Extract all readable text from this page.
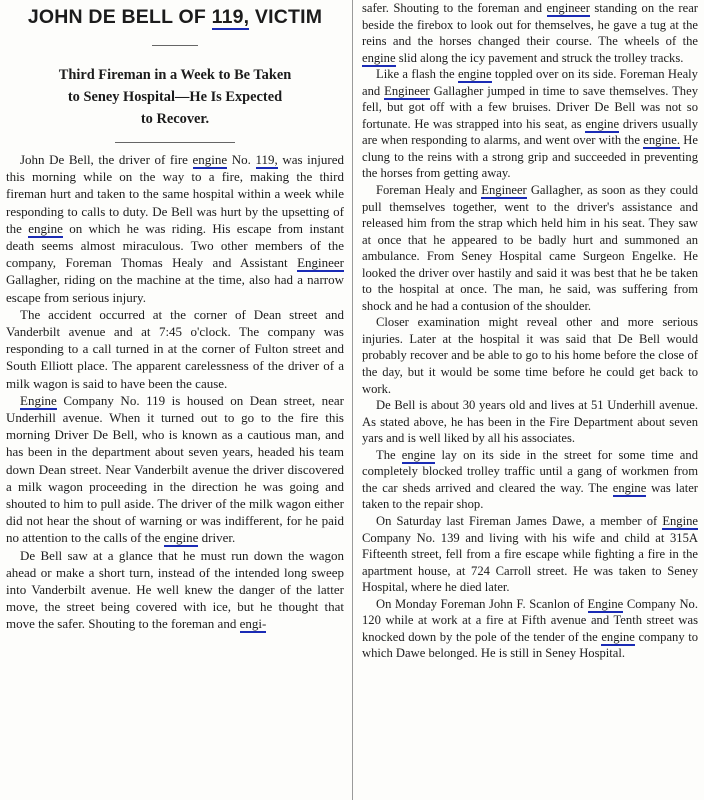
JOHN DE BELL OF 119, VICTIM
Third Fireman in a Week to Be Taken
to Seney Hospital—He Is Expected
to Recover.

John De Bell, the driver of fire engine No. 119, was injured this morning while on the way to a fire, making the third fireman hurt and taken to the same hospital within a week while responding to calls to duty. De Bell was hurt by the upsetting of the engine on which he was riding. His escape from instant death seems almost miraculous. Two other members of the company, Foreman Thomas Healy and Assistant Engineer Gallagher, riding on the machine at the time, also had a narrow escape from serious injury.

The accident occurred at the corner of Dean street and Vanderbilt avenue and at 7:45 o'clock. The company was responding to a call turned in at the corner of Fulton street and South Elliott place. The apparent carelessness of the driver of a milk wagon is said to have been the cause.

Engine Company No. 119 is housed on Dean street, near Underhill avenue. When it turned out to go to the fire this morning Driver De Bell, who is known as a cautious man, and has been in the department about seven years, headed his team down Dean street. Near Vanderbilt avenue the driver discovered a milk wagon proceeding in the direction he was going and shouted to him to pull aside. The driver of the milk wagon either did not hear the shout of warning or was indifferent, for he paid no attention to the calls of the engine driver.

De Bell saw at a glance that he must run down the wagon ahead or make a short turn, instead of the intended long sweep into Vanderbilt avenue. He well knew the danger of the latter move, the street being covered with ice, but he thought that move the safer. Shouting to the foreman and engi-

safer. Shouting to the foreman and engineer standing on the rear beside the firebox to look out for themselves, he gave a tug at the reins and the horses changed their course. The wheels of the engine slid along the icy pavement and struck the trolley tracks.

Like a flash the engine toppled over on its side. Foreman Healy and Engineer Gallagher jumped in time to save themselves. They fell, but got off with a few bruises. Driver De Bell was not so fortunate. He was strapped into his seat, as engine drivers usually are when responding to alarms, and went over with the engine. He clung to the reins with a strong grip and succeeded in preventing the horses from getting away.

Foreman Healy and Engineer Gallagher, as soon as they could pull themselves together, went to the driver's assistance and released him from the strap which held him in his seat. They saw at once that he appeared to be badly hurt and summoned an ambulance. From Seney Hospital came Surgeon Engelke. He looked the driver over hastily and said it was best that he be taken to the hospital at once. The man, he said, was suffering from shock and he had a contusion of the shoulder.

Closer examination might reveal other and more serious injuries. Later at the hospital it was said that De Bell would probably recover and be able to go to his home before the close of the day, but it would be some time before he could get back to work.

De Bell is about 30 years old and lives at 51 Underhill avenue. As stated above, he has been in the Fire Department about seven yars and is well liked by all his associates.

The engine lay on its side in the street for some time and completely blocked trolley traffic until a gang of workmen from the car sheds arrived and cleared the way. The engine was later taken to the repair shop.

On Saturday last Fireman James Dawe, a member of Engine Company No. 139 and living with his wife and child at 315A Fifteenth street, fell from a fire escape while fighting a fire in the apartment house, at 724 Carroll street. He was taken to Seney Hospital, where he died later.

On Monday Foreman John F. Scanlon of Engine Company No. 120 while at work at a fire at Fifth avenue and Tenth street was knocked down by the pole of the tender of the engine company to which Dawe belonged. He is still in Seney Hospital.
